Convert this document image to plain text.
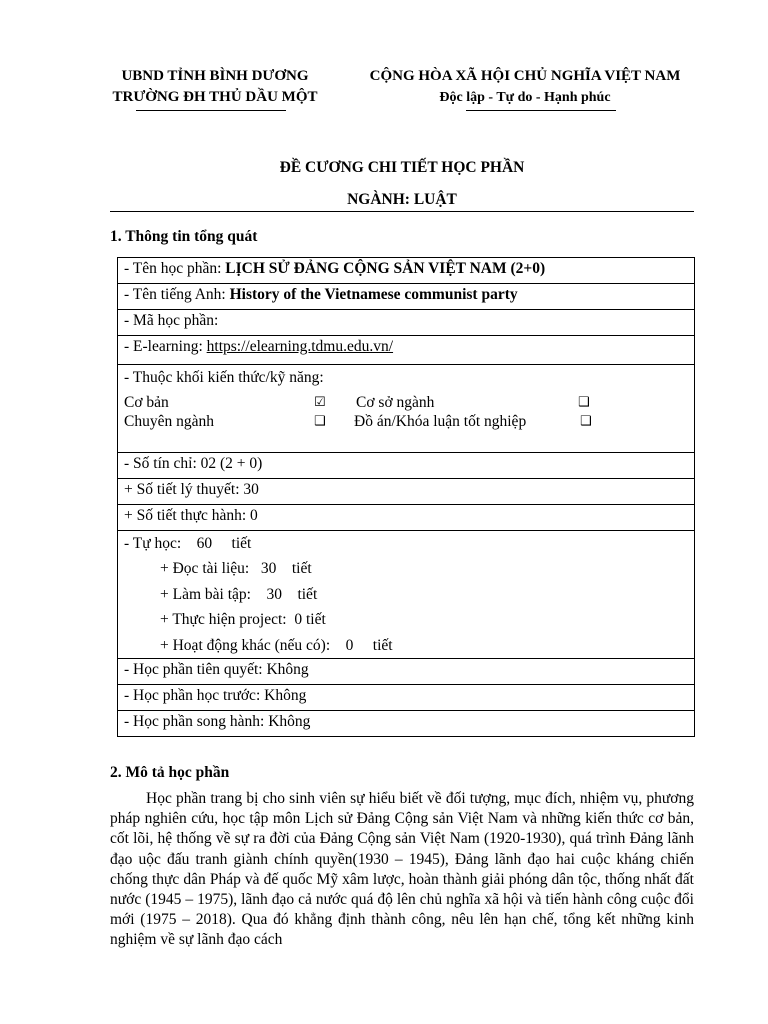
UBND TỈNH BÌNH DƯƠNG
TRƯỜNG ĐH THỦ DẦU MỘT
CỘNG HÒA XÃ HỘI CHỦ NGHĨA VIỆT NAM
Độc lập - Tự do - Hạnh phúc
ĐỀ CƯƠNG CHI TIẾT HỌC PHẦN
NGÀNH: LUẬT
1. Thông tin tổng quát
- Tên học phần: LỊCH SỬ ĐẢNG CỘNG SẢN VIỆT NAM (2+0)
- Tên tiếng Anh: History of the Vietnamese communist party
- Mã học phần:
- E-learning: https://elearning.tdmu.edu.vn/

- Thuộc khối kiến thức/kỹ năng:
Cơ bản	☑ Cơ sở ngành	❑
Chuyên ngành	❑ Đồ án/Khóa luận tốt nghiệp	❑

- Số tín chỉ: 02 (2 + 0)
+ Số tiết lý thuyết: 30
+ Số tiết thực hành: 0

- Tự học:    60     tiết
+ Đọc tài liệu:   30    tiết
+ Làm bài tập:    30    tiết
+ Thực hiện project:  0 tiết
+ Hoạt động khác (nếu có):    0     tiết

- Học phần tiên quyết: Không
- Học phần học trước: Không
- Học phần song hành: Không
2. Mô tả học phần

Học phần trang bị cho sinh viên sự hiểu biết về đối tượng, mục đích, nhiệm vụ, phương pháp nghiên cứu, học tập môn Lịch sử Đảng Cộng sản Việt Nam và những kiến thức cơ bản, cốt lõi, hệ thống về sự ra đời của Đảng Cộng sản Việt Nam (1920-1930), quá trình Đảng lãnh đạo uộc đấu tranh giành chính quyền(1930 – 1945), Đảng lãnh đạo hai cuộc kháng chiến chống thực dân Pháp và đế quốc Mỹ xâm lược, hoàn thành giải phóng dân tộc, thống nhất đất nước (1945 – 1975), lãnh đạo cả nước quá độ lên chủ nghĩa xã hội và tiến hành công cuộc đổi mới (1975 – 2018). Qua đó khẳng định thành công, nêu lên hạn chế, tổng kết những kinh nghiệm về sự lãnh đạo cách
